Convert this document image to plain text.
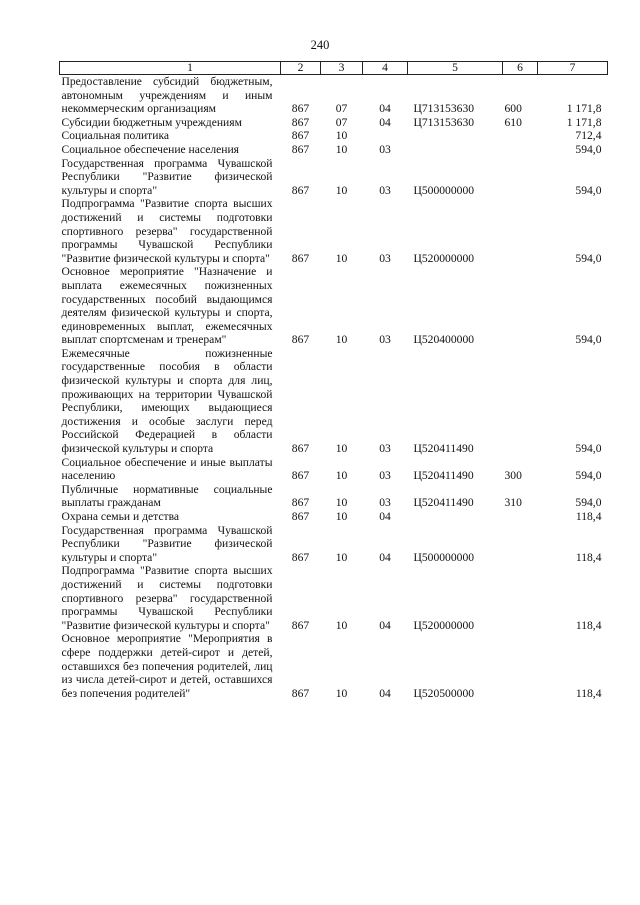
240
1	2	3	4	5	6	7
Предоставление субсидий бюджетным, автономным учреждениям и иным некоммерческим организациям	867	07	04	Ц713153630	600	1 171,8
Субсидии бюджетным учреждениям	867	07	04	Ц713153630	610	1 171,8
Социальная политика	867	10				712,4
Социальное обеспечение населения	867	10	03			594,0
Государственная программа Чувашской Республики "Развитие физической культуры и спорта"	867	10	03	Ц500000000		594,0
Подпрограмма "Развитие спорта высших достижений и системы подготовки спортивного резерва" государственной программы Чувашской Республики "Развитие физической культуры и спорта"	867	10	03	Ц520000000		594,0
Основное мероприятие "Назначение и выплата ежемесячных пожизненных государственных пособий выдающимся деятелям физической культуры и спорта, единовременных выплат, ежемесячных выплат спортсменам и тренерам"	867	10	03	Ц520400000		594,0
Ежемесячные пожизненные государственные пособия в области физической культуры и спорта для лиц, проживающих на территории Чувашской Республики, имеющих выдающиеся достижения и особые заслуги перед Российской Федерацией в области физической культуры и спорта	867	10	03	Ц520411490		594,0
Социальное обеспечение и иные выплаты населению	867	10	03	Ц520411490	300	594,0
Публичные нормативные социальные выплаты гражданам	867	10	03	Ц520411490	310	594,0
Охрана семьи и детства	867	10	04			118,4
Государственная программа Чувашской Республики "Развитие физической культуры и спорта"	867	10	04	Ц500000000		118,4
Подпрограмма "Развитие спорта высших достижений и системы подготовки спортивного резерва" государственной программы Чувашской Республики "Развитие физической культуры и спорта"	867	10	04	Ц520000000		118,4
Основное мероприятие "Мероприятия в сфере поддержки детей-сирот и детей, оставшихся без попечения родителей, лиц из числа детей-сирот и детей, оставшихся без попечения родителей"	867	10	04	Ц520500000		118,4
